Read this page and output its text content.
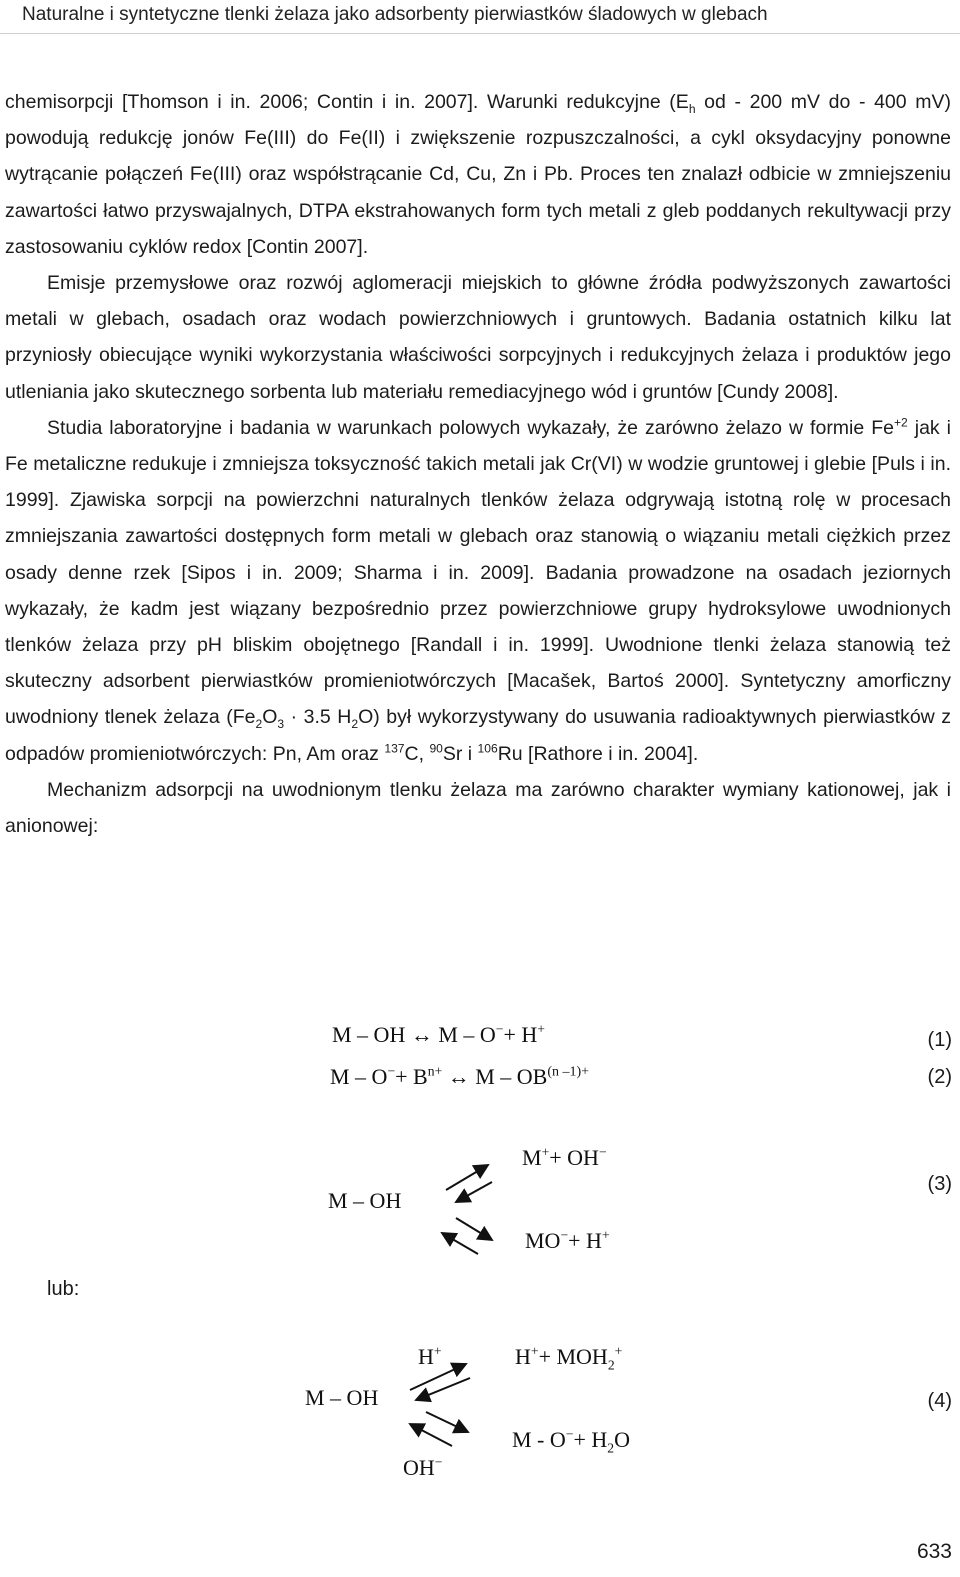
Naturalne i syntetyczne tlenki żelaza jako adsorbenty pierwiastków śladowych w glebach

chemisorpcji [Thomson i in. 2006; Contin i in. 2007]. Warunki redukcyjne ($E_h$ od - 200 mV do - 400 mV) powodują redukcję jonów Fe(III) do Fe(II) i zwiększenie rozpuszczalności, a cykl oksydacyjny ponowne wytrącanie połączeń Fe(III) oraz współstrącanie Cd, Cu, Zn i Pb. Proces ten znalazł odbicie w zmniejszeniu zawartości łatwo przyswajalnych, DTPA ekstrahowanych form tych metali z gleb poddanych rekultywacji przy zastosowaniu cyklów redox [Contin 2007].

Emisje przemysłowe oraz rozwój aglomeracji miejskich to główne źródła podwyższonych zawartości metali w glebach, osadach oraz wodach powierzchniowych i gruntowych. Badania ostatnich kilku lat przyniosły obiecujące wyniki wykorzystania właściwości sorpcyjnych i redukcyjnych żelaza i produktów jego utleniania jako skutecznego sorbenta lub materiału remediacyjnego wód i gruntów [Cundy 2008].

Studia laboratoryjne i badania w warunkach polowych wykazały, że zarówno żelazo w formie $Fe^{+2}$ jak i Fe metaliczne redukuje i zmniejsza toksyczność takich metali jak Cr(VI) w wodzie gruntowej i glebie [Puls i in. 1999]. Zjawiska sorpcji na powierzchni naturalnych tlenków żelaza odgrywają istotną rolę w procesach zmniejszania zawartości dostępnych form metali w glebach oraz stanowią o wiązaniu metali ciężkich przez osady denne rzek [Sipos i in. 2009; Sharma i in. 2009]. Badania prowadzone na osadach jeziornych wykazały, że kadm jest wiązany bezpośrednio przez powierzchniowe grupy hydroksylowe uwodnionych tlenków żelaza przy pH bliskim obojętnego [Randall i in. 1999]. Uwodnione tlenki żelaza stanowią też skuteczny adsorbent pierwiastków promieniotwórczych [Macašek, Bartoś 2000]. Syntetyczny amorficzny uwodniony tlenek żelaza ($Fe_2O_3 \cdot 3.5$ $H_2O$) był wykorzystywany do usuwania radioaktywnych pierwiastków z odpadów promieniotwórczych: Pn, Am oraz $^{137}$C, $^{90}$Sr i $^{106}$Ru [Rathore i in. 2004].

Mechanizm adsorpcji na uwodnionym tlenku żelaza ma zarówno charakter wymiany kationowej, jak i anionowej:

M – OH ↔ M – O−+ H+	(1)
$M - O^-+ B^{n+}$ ↔ M – $OB^{(n -1)+}$	(2)
M++ OH−
M – OH
MO−+ H+
(3)
lub:
H+	$H^++ MOH_2^+$
M – OH
$M - O^-+ H_2O$
OH−
(4)
633
